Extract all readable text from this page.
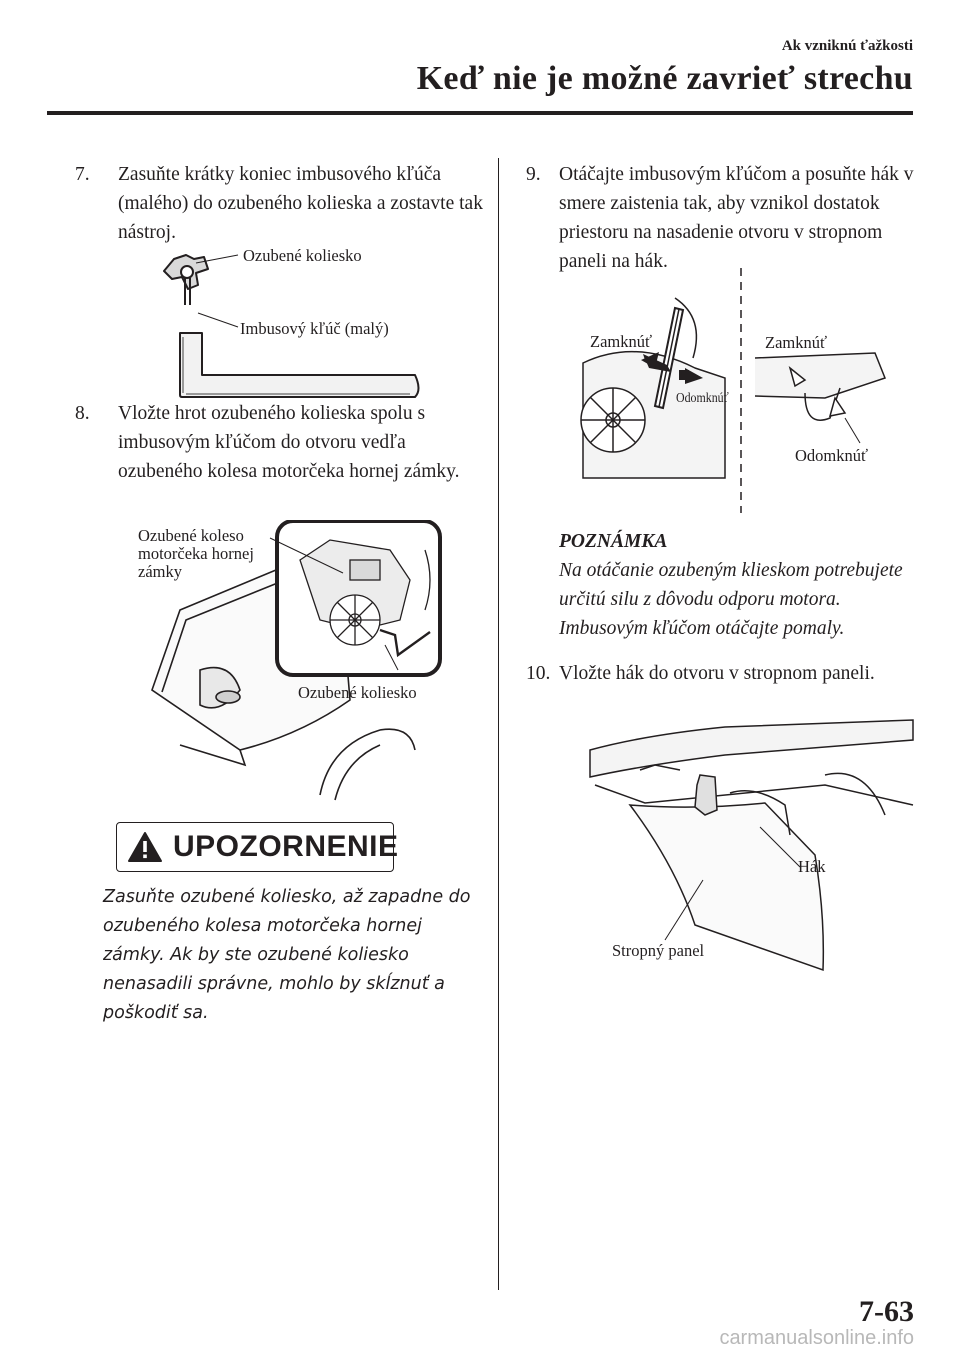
Ak vzniknú ťažkosti
Keď nie je možné zavrieť strechu
7.	Zasuňte krátky koniec imbusového kľúča (malého) do ozubeného kolieska a zostavte tak nástroj.
Ozubené koliesko
Imbusový kľúč (malý)
8.	Vložte hrot ozubeného kolieska spolu s imbusovým kľúčom do otvoru vedľa ozubeného kolesa motorčeka hornej zámky.
Ozubené koleso
motorčeka hornej
zámky
Ozubené koliesko
UPOZORNENIE
Zasuňte ozubené koliesko, až zapadne do ozubeného kolesa motorčeka hornej zámky. Ak by ste ozubené koliesko nenasadili správne, mohlo by skĺznuť a poškodiť sa.
9. Otáčajte imbusovým kľúčom a posuňte hák v smere zaistenia tak, aby vznikol dostatok priestoru na nasadenie otvoru v stropnom paneli na hák.
Zamknúť
Odomknúť
Zamknúť
Odomknúť
POZNÁMKA
Na otáčanie ozubeným klieskom potrebujete určitú silu z dôvodu odporu motora. Imbusovým kľúčom otáčajte pomaly.
10. Vložte hák do otvoru v stropnom paneli.
Hák
Stropný panel
7-63
carmanualsonline.info
